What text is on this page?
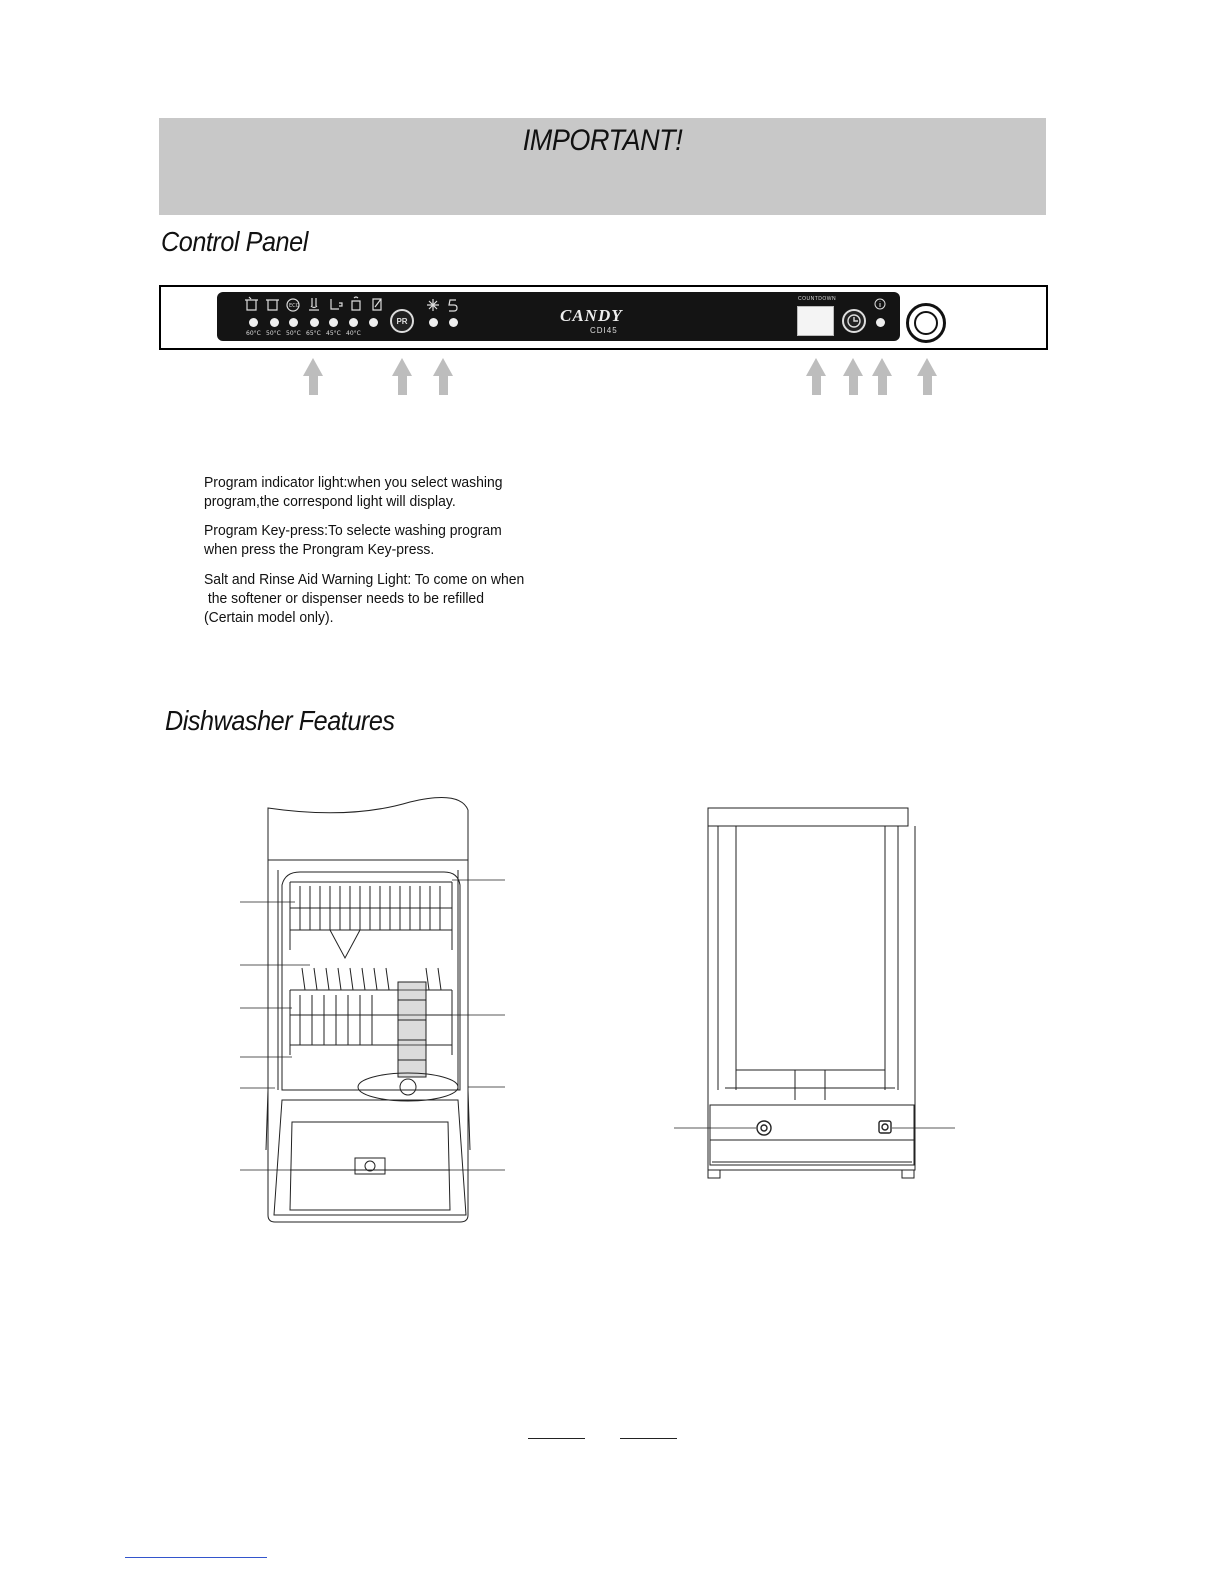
IMPORTANT!
Control Panel
ECO
60°C 50°C 50°C 65°C 45°C 40°C
PR	CANDY
CDI45
COUNTDOWN
Program indicator light:when you select washing
program,the correspond light will display.
Program Key-press:To selecte washing program
when press the Prongram Key-press.
Salt and Rinse Aid Warning Light: To come on when
the softener or dispenser needs to be refilled
(Certain model only).
Dishwasher Features
